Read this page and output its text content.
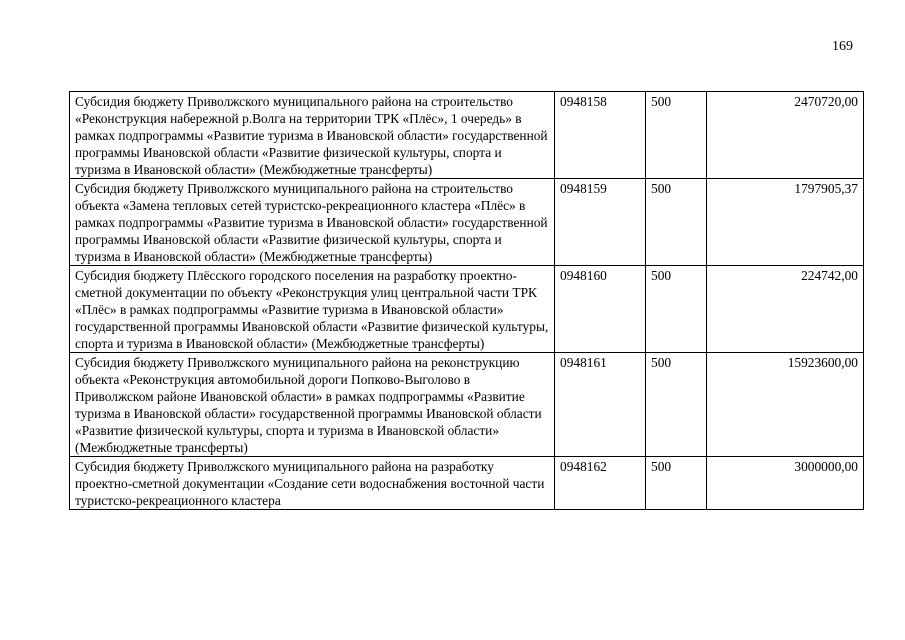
169
Субсидия бюджету Приволжского муниципального района на строительство «Реконструкция набережной р.Волга на территории ТРК «Плёс», 1 очередь» в рамках подпрограммы «Развитие туризма в Ивановской области» государственной программы Ивановской области «Развитие физической культуры, спорта и туризма в Ивановской области» (Межбюджетные трансферты)	0948158	500	2470720,00
Субсидия бюджету Приволжского муниципального района на строительство объекта «Замена тепловых сетей туристско-рекреационного кластера «Плёс» в рамках подпрограммы «Развитие туризма в Ивановской области» государственной программы Ивановской области «Развитие физической культуры, спорта и туризма в Ивановской области» (Межбюджетные трансферты)	0948159	500	1797905,37
Субсидия бюджету Плёсского городского поселения на разработку проектно-сметной документации по объекту «Реконструкция улиц центральной части ТРК «Плёс» в рамках подпрограммы «Развитие туризма в Ивановской области» государственной программы Ивановской области «Развитие физической культуры, спорта и туризма в Ивановской области» (Межбюджетные трансферты)	0948160	500	224742,00
Субсидия бюджету Приволжского муниципального района на реконструкцию объекта «Реконструкция автомобильной дороги Попково-Выголово в Приволжском районе Ивановской области» в рамках подпрограммы «Развитие туризма в Ивановской области» государственной программы Ивановской области «Развитие физической культуры, спорта и туризма в Ивановской области» (Межбюджетные трансферты)	0948161	500	15923600,00
Субсидия бюджету Приволжского муниципального района на разработку проектно-сметной документации «Создание сети водоснабжения восточной части туристско-рекреационного кластера	0948162	500	3000000,00
